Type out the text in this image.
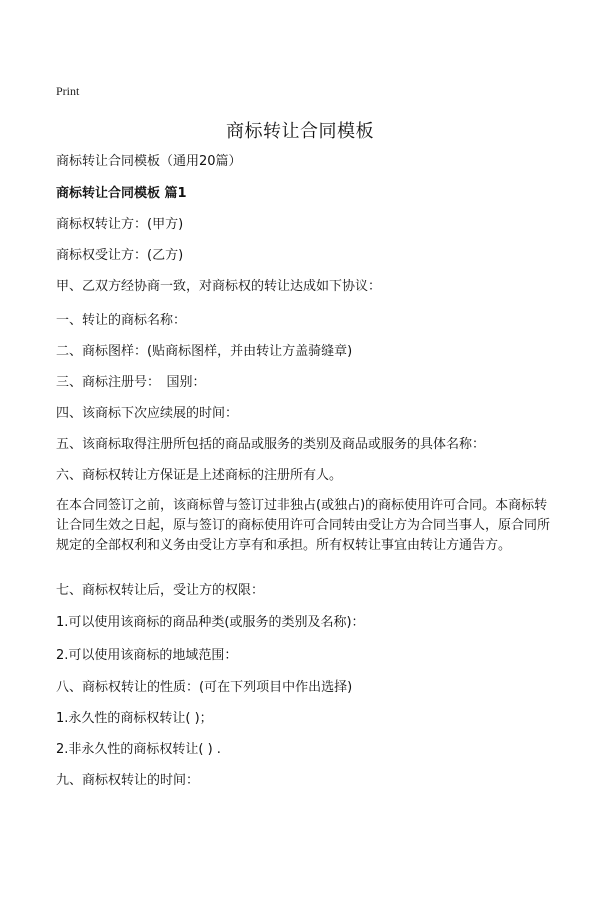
Print
商标转让合同模板
商标转让合同模板（通用20篇）
商标转让合同模板 篇1
商标权转让方：(甲方)
商标权受让方：(乙方)
甲、乙双方经协商一致，对商标权的转让达成如下协议：
一、转让的商标名称：
二、商标图样：(贴商标图样，并由转让方盖骑缝章)
三、商标注册号：　国别：
四、该商标下次应续展的时间：
五、该商标取得注册所包括的商品或服务的类别及商品或服务的具体名称：
六、商标权转让方保证是上述商标的注册所有人。
在本合同签订之前，该商标曾与签订过非独占(或独占)的商标使用许可合同。本商标转让合同生效之日起，原与签订的商标使用许可合同转由受让方为合同当事人，原合同所规定的全部权利和义务由受让方享有和承担。所有权转让事宜由转让方通告方。
七、商标权转让后，受让方的权限：
1.可以使用该商标的商品种类(或服务的类别及名称)：
2.可以使用该商标的地域范围：
八、商标权转让的性质：(可在下列项目中作出选择)
1.永久性的商标权转让( )；
2.非永久性的商标权转让( ) .
九、商标权转让的时间：
